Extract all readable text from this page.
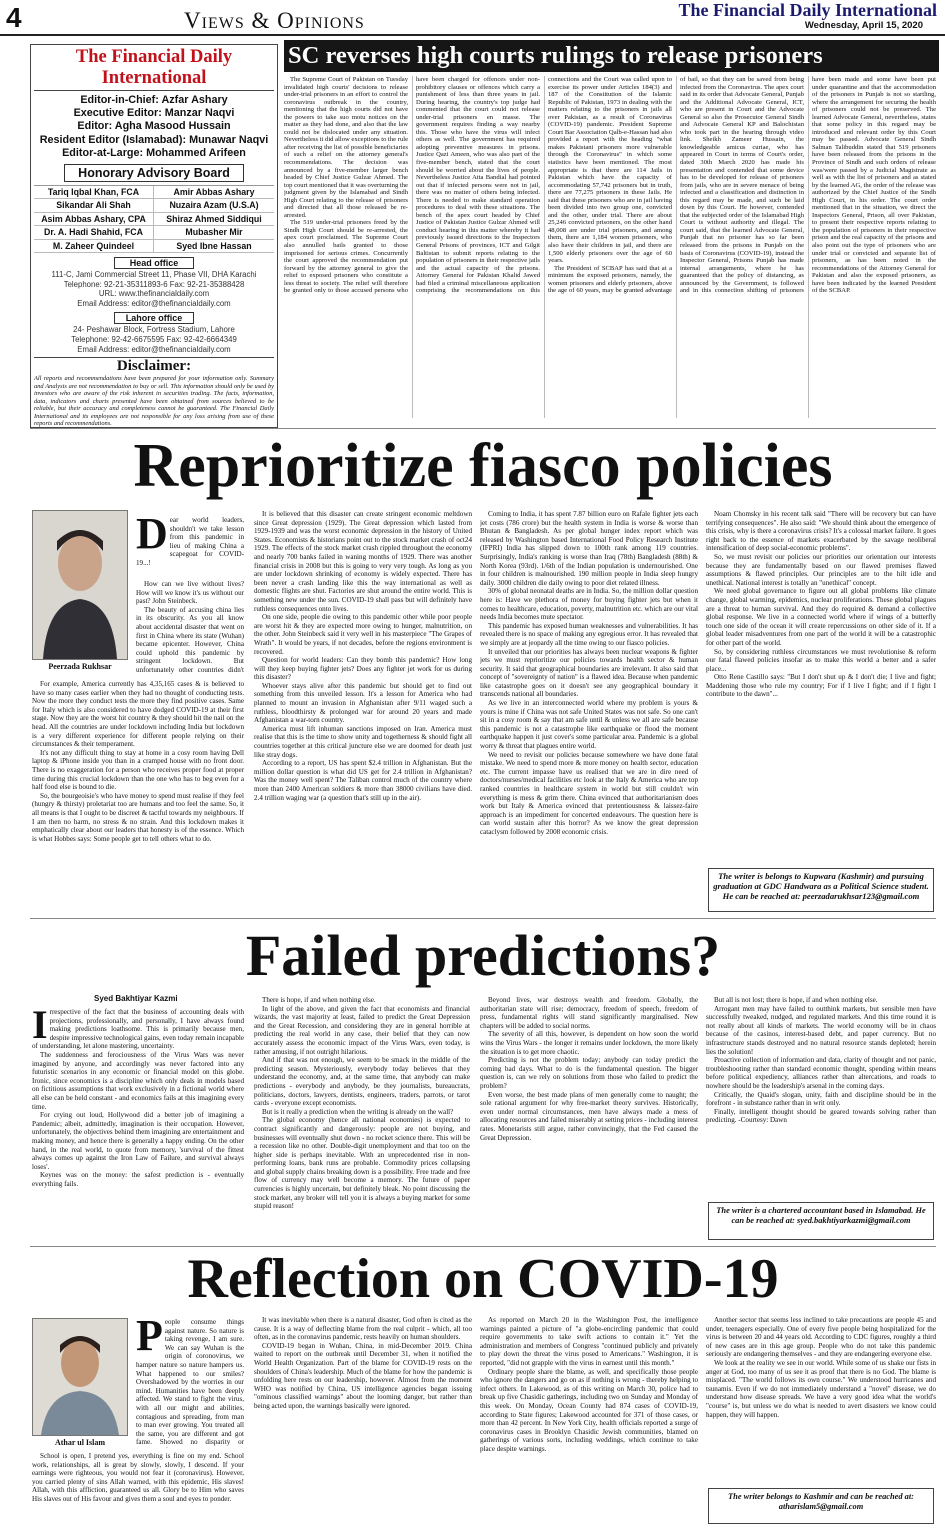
4	Views & Opinions	The Financial Daily International
Wednesday, April 15, 2020
The Financial Daily International
Editor-in-Chief: Azfar Ashary
Executive Editor: Manzar Naqvi
Editor: Agha Masood Hussain
Resident Editor (Islamabad): Munawar Naqvi
Editor-at-Large: Mohammed Arifeen
Honorary Advisory Board
Tariq Iqbal Khan, FCA	Amir Abbas Ashary
Sikandar Ali Shah	Nuzaira Azam (U.S.A)
Asim Abbas Ashary, CPA	Shiraz Ahmed Siddiqui
Dr. A. Hadi Shahid, FCA	Mubasher Mir
M. Zaheer Quindeel	Syed Ibne Hassan
Head office
111-C, Jami Commercial Street 11, Phase VII, DHA Karachi
Telephone: 92-21-35311893-6 Fax: 92-21-35388428
URL: www.thefinancialdaily.com
Email Address: editor@thefinancialdaily.com
Lahore office
24- Peshawar Block, Fortress Stadium, Lahore
Telephone: 92-42-6675595 Fax: 92-42-6664349
Email Address: editor@thefinancialdaily.com
Disclaimer:
All reports and recommendations have been prepared for your information only. Summary and Analysis are not recommendation to buy or sell. This information should only be used by investors who are aware of the risk inherent in securities trading. The facts, information, data, indicators and charts presented have been obtained from sources believed to be reliable, but their accuracy and completeness cannot be guaranteed. The Financial Daily International and its employees are not responsible for any loss arising from use of these reports and recommendations.
SC reverses high courts rulings to release prisoners

The Supreme Court of Pakistan on Tuesday invalidated high courts' decisions to release under-trial prisoners in an effort to control the coronavirus outbreak in the country, mentioning that the high courts did not have the powers to take suo motu notices on the matter as they had done, and also that the law could not be dislocated under any situation. Nevertheless it did allow exceptions to the rule after receiving the list of possible beneficiaries of such a relief on the attorney general's recommendations. The decision was announced by a five-member larger bench headed by Chief Justice Gulzar Ahmed. The top court mentioned that it was overturning the judgment given by the Islamabad and Sindh High Court relating to the release of prisoners and directed that all those released be re-arrested.

The 519 under-trial prisoners freed by the Sindh High Court should be re-arrested, the apex court proclaimed. The Supreme Court also annulled bails granted to those imprisoned for serious crimes. Concurrently the court approved the recommendation put forward by the attorney general to give the relief to exposed prisoners who constitute a less threat to society. The relief will therefore be granted only to those accused persons who have been charged for offences under non-prohibitory clauses or offences which carry a punishment of less than three years in jail. During hearing, the country's top judge had commented that the court could not release under-trial prisoners en masse. The government requires finding a way nearby this. Those who have the virus will infect others as well. The government has required adopting preventive measures in prisons. Justice Qazi Ameen, who was also part of the five-member bench, stated that the court should be worried about the lives of people. Nevertheless Justice Atta Bandial had pointed out that if infected persons were not in jail, there was no matter of others being infected. There is needed to make standard operation procedures to deal with these situations. The bench of the apex court headed by Chief Justice of Pakistan Justice Gulzar Ahmed will conduct hearing in this matter whereby it had previously issued directions to the Inspectors General Prisons of provinces, ICT and Gilgit Baltistan to submit reports relating to the population of prisoners in their respective jails and the actual capacity of the prisons. Attorney General for Pakistan Khalid Jawed had filed a criminal miscellaneous application comprising the recommendations on this connections and the Court was called upon to exercise its power under Articles 184(3) and 187 of the Constitution of the Islamic Republic of Pakistan, 1973 in dealing with the matters relating to the prisoners in jails all over Pakistan, as a result of Coronavirus (COVID-19) pandemic. President Supreme Court Bar Association Qalb-e-Hassan had also provided a report with the heading "what makes Pakistani prisoners more vulnerable through the Coronavirus" in which some statistics have been mentioned. The most appropriate is that there are 114 Jails in Pakistan which have the capacity of accommodating 57,742 prisoners but in truth, there are 77,275 prisoners in these Jails. He said that these prisoners who are in jail having been divided into two group one, convicted and the other, under trial. There are about 25,246 convicted prisoners, on the other hand 48,008 are under trial prisoners, and among them, there are 1,184 women prisoners, who also have their children in jail, and there are 1,500 elderly prisoners over the age of 60 years.

The President of SCBAP has said that at a minimum the exposed prisoners, namely, the women prisoners and elderly prisoners, above the age of 60 years, may be granted advantage of bail, so that they can be saved from being infected from the Coronavirus. The apex court said in its order that Advocate General, Punjab and the Additional Advocate General, ICT, who are present in Court and the Advocate General so also the Prosecutor General Sindh and Advocate General KP and Balochistan who took part in the hearing through video link. Sheikh Zameer Hussain, the knowledgeable amicus curiae, who has appeared in Court in terms of Court's order, dated 30th March 2020 has made his presentation and contended that some device has to be developed for release of prisoners from jails, who are in severe menace of being infected and a classification and distinction in this regard may be made, and such be laid down by this Court. He however, contended that the subjected order of the Islamabad High Court is without authority and illegal. The court said, that the learned Advocate General, Punjab that no prisoner has so far been released from the prisons in Punjab on the basis of Coronavirus (COVID-19), instead the Inspector General, Prisons Punjab has made internal arrangements, where he has guaranteed that the policy of distancing, as announced by the Government, is followed and in this connection shifting of prisoners have been made and some have been put under quarantine and that the accommodation of the prisoners in Punjab is not so startling, where the arrangement for securing the health of prisoners could not be preserved. The learned Advocate General, nevertheless, states that some policy in this regard may be introduced and relevant order by this Court may be passed. Advocate General Sindh Salman Talibuddin stated that 519 prisoners have been released from the prisons in the Province of Sindh and such orders of release was/were passed by a Judicial Magistrate as well as with the list of prisoners and as stated by the learned AG, the order of the release was authorized by the Chief Justice of the Sindh High Court, in his order. The court order mentioned that in the situation, we direct the Inspectors General, Prison, all over Pakistan, to present their respective reports relating to the population of prisoners in their respective prison and the real capacity of the prisons and also point out the type of prisoners who are under trial or convicted and separate list of prisoners, as has been noted in the recommendations of the Attorney General for Pakistan and also the exposed prisoners, as have been indicated by the learned President of the SCBAP.

Reprioritize fiasco policies
Peerzada Rukhsar
D ear world leaders, shouldn't we take lesson from this pandemic in lieu of making China a scapegoat for COVID-19...!

For example, America currently has 4,35,165 cases & is believed to have so many cases earlier when they had no thought of conducting tests. Now the more they conduct tests the more they find positive cases. Same for Italy which is also considered to have dodged COVID-19 at their first stage. Now they are the worst hit country & they should hit the nail on the head. All the countries are under lockdown including India but lockdown is a very different experience for different people relying on their circumstances & their temperament.

It's not any difficult thing to stay at home in a cosy room having Dell laptop & iPhone inside you than in a cramped house with no front door. There is no exaggeration for a person who receives proper food at proper time during this crucial lockdown than the one who has to beg even for a half food else is bound to die.

So, the bourgeoisie's who have money to spend must realise if they feel (hungry & thirsty) proletariat too are humans and too feel the same. So, it all means is that I ought to be discreet & tactful towards my neighbours. If I am then no harm, no stress & no strain. And this lockdown makes it emphatically clear about our leaders that honesty is of the essence. Which is what Hobbes says: Some people get to tell others what to do.

How can we live without lives? How will we know it's us without our past? John Steinbeck.

The beauty of accusing china lies in its obscurity. As you all know about accidental disaster that went on first in China where its state (Wuhan) became epicenter. However, China could uphold this pandemic by stringent lockdown. But unfortunately other countries didn't

It is believed that this disaster can create stringent economic meltdown since Great depression (1929). The Great depression which lasted from 1929-1939 and was the worst economic depression in the history of United States. Economists & historians point out to the stock market crash of oct24 1929. The effects of the stock market crash rippled throughout the economy and nearly 700 banks failed in waning months of 1929. There was another financial crisis in 2008 but this is going to very very tough. As long as you are under lockdown shrinking of economy is widely expected. There has been never a crash landing like this the way international as well as domestic flights are shut. Factories are shut around the entire world. This is something new under the sun. COVID-19 shall pass but will definitely have ruthless consequences onto lives.

On one side, people die owing to this pandemic other while poor people are worst hit & they are expected more owing to hunger, malnutrition, on the other. John Steinbeck said it very well in his masterpiece "The Grapes of Wrath". It would be years, if not decades, before the regions environment is recovered.

Question for world leaders: Can they bomb this pandemic? How long will they keep buying fighter jets? Does any fighter jet work for us during this disaster?

Whoever stays alive after this pandemic but should get to find out something from this unveiled lesson. It's a lesson for America who had planned to mount an invasion in Afghanistan after 9/11 waged such a ruthless, bloodthirsty & prolonged war for around 20 years and made Afghanistan a war-torn country.

America must lift inhuman sanctions imposed on Iran. America must realise that this is the time to show unity and togetherness & should fight all countries together at this critical juncture else we are doomed for death just like stray dogs.

According to a report, US has spent $2.4 trillion in Afghanistan. But the million dollar question is what did US get for 2.4 trillion in Afghanistan? Was the money well spent? The Taliban control much of the country where more than 2400 American soldiers & more than 38000 civilians have died. 2.4 trillion waging war (a question that's still up in the air).

Coming to India, it has spent 7.87 billion euro on Rafale fighter jets each jet costs (786 crore) but the health system in India is worse & worse than Bhutan & Bangladesh. As per global hunger index report which was released by Washington based International Food Policy Research Institute (IFPRI) India has slipped down to 100th rank among 119 countries. Surprisingly, India's ranking is worse than Iraq (78th) Bangladesh (88th) & North Korea (93rd). 1/6th of the Indian population is undernourished. One in four children is malnourished. 190 million people in India sleep hungry daily. 3000 children die daily owing to poor diet related illness.

30% of global neonatal deaths are in India. So, the million dollar question here is: Have we plethora of money for buying fighter jets but when it comes to healthcare, education, poverty, malnutrition etc. which are our vital needs India becomes mute spectator.

This pandemic has exposed human weaknesses and vulnerabilities. It has revealed there is no space of making any egregious error. It has revealed that we simply are at jeopardy all the time owing to our fiasco policies.

It unveiled that our priorities has always been nuclear weapons & fighter jets we must reprioritize our policies towards health sector & human security. It said that geographical boundaries are irrelevant. It also said that concept of "sovereignty of nation" is a flawed idea. Because when pandemic like catastrophe goes on it doesn't see any geographical boundary it transcends national all boundaries.

As we live in an interconnected world where my problem is yours & yours is mine if China was not safe United States was not safe. So one can't sit in a cosy room & say that am safe until & unless we all are safe because this pandemic is not a catastrophe like earthquake or flood the moment earthquake happen it just cover's some particular area. Pandemic is a global worry & threat that plagues entire world.

We need to revisit our policies because somewhere we have done fatal mistake. We need to spend more & more money on health sector, education etc. The current impasse have us realised that we are in dire need of doctors/nurses/medical facilities etc look at the Italy & America who are top ranked countries in healthcare system in world but still couldn't win everything is mess & grim there. China evinced that authoritarianism does work but Italy & America evinced that pretentiousness & laissez-faire approach is an impediment for concerted endeavours. The question here is can world sustain after this horror? As we know the great depression cataclysm followed by 2008 economic crisis.

Noam Chomsky in his recent talk said "There will be recovery but can have terrifying consequences". He also said: "We should think about the emergence of this crisis, why is there a coronavirus crisis? It's a colossal market failure. It goes right back to the essence of markets exacerbated by the savage neoliberal intensification of deep social-economic problems".

So, we must revisit our policies our priorities our orientation our interests because they are fundamentally based on our flawed premises flawed assumptions & flawed principles. Our principles are to the hilt idle and unethical. National interest is totally an "unethical" concept.

We need global governance to figure out all global problems like climate change, global warming, epidemics, nuclear proliferations. These global plagues are a threat to human survival. And they do required & demand a collective global response. We live in a connected world where if wings of a butterfly touch one side of the ocean it will create repercussions on other side of it. If a global leader misadventures from one part of the world it will be a catastrophic for other part of the world.

So, by considering ruthless circumstances we must revolutionise & reform our fatal flawed policies insofar as to make this world a better and a safer place...

Otto Rene Castillo says: "But I don't shut up & I don't die; I live and fight; Maddening those who rule my country; For if I live I fight; and if I fight I contribute to the dawn"...

The writer is belongs to Kupwara (Kashmir) and pursuing graduation at GDC Handwara as a Political Science student. He can be reached at: peerzadarukhsar123@gmail.com
Failed predictions?
Syed Bakhtiyar Kazmi
I rrespective of the fact that the business of accounting deals with projections, professionally, and personally, I have always found making predictions loathsome. This is primarily because men, despite impressive technological gains, even today remain incapable of understanding, let alone mastering, uncertainty.

The suddenness and ferociousness of the Virus Wars was never imagined by anyone, and accordingly was never factored into any futuristic scenarios in any economic or financial model on this globe. Ironic, since economics is a discipline which only deals in models based on fictitious assumptions that work exclusively in a fictional world where all else can be held constant - and economics fails at this imagining every time.

For crying out loud, Hollywood did a better job of imagining a Pandemic; albeit, admittedly, imagination is their occupation. However, unfortunately, the objectives behind them imagining are entertainment and making money, and hence there is generally a happy ending. On the other hand, in the real world, to quote from memory, 'survival of the fittest always comes up against the Iron Law of Failure, and survival always loses'.

Keynes was on the money: the safest prediction is - eventually everything fails.

There is hope, if and when nothing else.

In light of the above, and given the fact that economists and financial wizards, the vast majority at least, failed to predict the Great Depression and the Great Recession, and considering they are in general horrible at predicting the real world in any case, their belief that they can now accurately assess the economic impact of the Virus Wars, even today, is rather amusing, if not outright hilarious.

And if that was not enough, we seem to be smack in the middle of the predicting season. Mysteriously, everybody today believes that they understand the economy, and, at the same time, that anybody can make predictions - everybody and anybody, be they journalists, bureaucrats, politicians, doctors, lawyers, dentists, engineers, traders, parrots, or tarot cards - everyone except economists.

But is it really a prediction when the writing is already on the wall?

The global economy (hence all national economies) is expected to contract significantly and dangerously: people are not buying, and businesses will eventually shut down - no rocket science there. This will be a recession like no other. Double-digit unemployment and that too on the higher side is perhaps inevitable. With an unprecedented rise in non-performing loans, bank runs are probable. Commodity prices collapsing and global supply chains breaking down is a possibility. Free trade and free flow of currency may well become a memory. The future of paper currencies is highly uncertain, but definitely bleak. No point discussing the stock market, any broker will tell you it is always a buying market for some stupid reason!

Beyond lives, war destroys wealth and freedom. Globally, the authoritarian state will rise; democracy, freedom of speech, freedom of press, fundamental rights will stand significantly marginalised. New chapters will be added to social norms.

The severity of all this, however, is dependent on how soon the world wins the Virus Wars - the longer it remains under lockdown, the more likely the situation is to get more chaotic.

Predicting is not the problem today; anybody can today predict the coming bad days. What to do is the fundamental question. The bigger question is, can we rely on solutions from those who failed to predict the problem?

Even worse, the best made plans of men generally come to naught; the sole rational argument for why free-market theory survives. Historically, even under normal circumstances, men have always made a mess of allocating resources and failed miserably at setting prices - including interest rates. Monetarists still argue, rather convincingly, that the Fed caused the Great Depression.

But all is not lost; there is hope, if and when nothing else.

Arrogant men may have failed to outthink markets, but sensible men have successfully tweaked, nudged, and regulated markets. And this time round it is not really about all kinds of markets. The world economy will be in chaos because of the casinos, interest-based debt, and paper currency. But no infrastructure stands destroyed and no natural resource stands depleted; herein lies the solution!

Proactive collection of information and data, clarity of thought and not panic, troubleshooting rather than standard economic thought, spending within means before political expediency, alliances rather than altercations, and roads to nowhere should be the leadership's arsenal in the coming days.

Critically, the Quaid's slogan, unity, faith and discipline should be in the forefront - in substance rather than in writ only.

Finally, intelligent thought should be geared towards solving rather than predicting. -Courtesy: Dawn

The writer is a chartered accountant based in Islamabad. He can be reached at: syed.bakhtiyarkazmi@gmail.com
Reflection on COVID-19
Athar ul Islam
P eople consume things against nature. So nature is taking revenge, I am sure. We can say Wuhan is the origin of coronovirus, we hamper nature so nature hampers us. What happened to our smiles? Overshadowed by the worries in our mind. Humanities have been deeply affected. We stand to fight the virus, with all our might and abilities, contagious and spreading, from man to man ever growing. You treated all the same, you are different and got fame. Showed no disparity or

School is open, I pretend yes, everything is fine on my end. School work, relationships, all is great by slowly, slowly, I descend. If your earnings were righteous, you would not fear it (coronavirus). However, you carried plenty of sins Allah warned, with this epidemic, His slaves! Allah, with this affliction, guaranteed us all. Glory be to Him who saves His slaves out of His favour and gives them a soul and eyes to ponder.

It was inevitable when there is a natural disaster, God often is cited as the cause. It is a way of deflecting blame from the real culprit - which, all too often, as in the coronavirus pandemic, rests heavily on human shoulders.

COVID-19 began in Wuhan, China, in mid-December 2019. China waited to report on the outbreak until December 31, when it notified the World Health Organization. Part of the blame for COVID-19 rests on the shoulders of China's leadership. Much of the blame for how the pandemic is unfolding here rests on our leadership, however. Almost from the moment WHO was notified by China, US intelligence agencies began issuing "ominous classified warnings" about the looming danger, but rather than being acted upon, the warnings basically were ignored.

As reported on March 20 in the Washington Post, the intelligence warnings painted a picture of "a globe-encircling pandemic that could require governments to take swift actions to contain it." Yet the administration and members of Congress "continued publicly and privately to play down the threat the virus posed to Americans." Washington, it is reported, "did not grapple with the virus in earnest until this month."

Ordinary people share the blame, as well, and specifically those people who ignore the dangers and go on as if nothing is wrong - thereby helping to infect others. In Lakewood, as of this writing on March 30, police had to break up five Chasidic gatherings, including two on Sunday and Monday of this week. On Monday, Ocean County had 874 cases of COVID-19, according to State figures; Lakewood accounted for 371 of those cases, or more than 42 percent. In New York City, health officials reported a surge of coronavirus cases in Brooklyn Chasidic Jewish communities, blamed on gatherings of various sorts, including weddings, which continue to take place despite warnings.

Another sector that seems less inclined to take precautions are people 45 and under, teenagers especially. One of every five people being hospitalized for the virus is between 20 and 44 years old. According to CDC figures, roughly a third of new cases are in this age group. People who do not take this pandemic seriously are endangering themselves - and they are endangering everyone else.

We look at the reality we see in our world. While some of us shake our fists in anger at God, too many of us see it as proof that there is no God. The blame is misplaced. "The world follows its own course." We understood hurricanes and tsunamis. Even if we do not immediately understand a "novel" disease, we do understand how disease spreads. We have a very good idea what the world's "course" is, but unless we do what is needed to avert disasters we know could happen, they will happen.

The writer belongs to Kashmir and can be reached at: atharislam5@gmail.com
